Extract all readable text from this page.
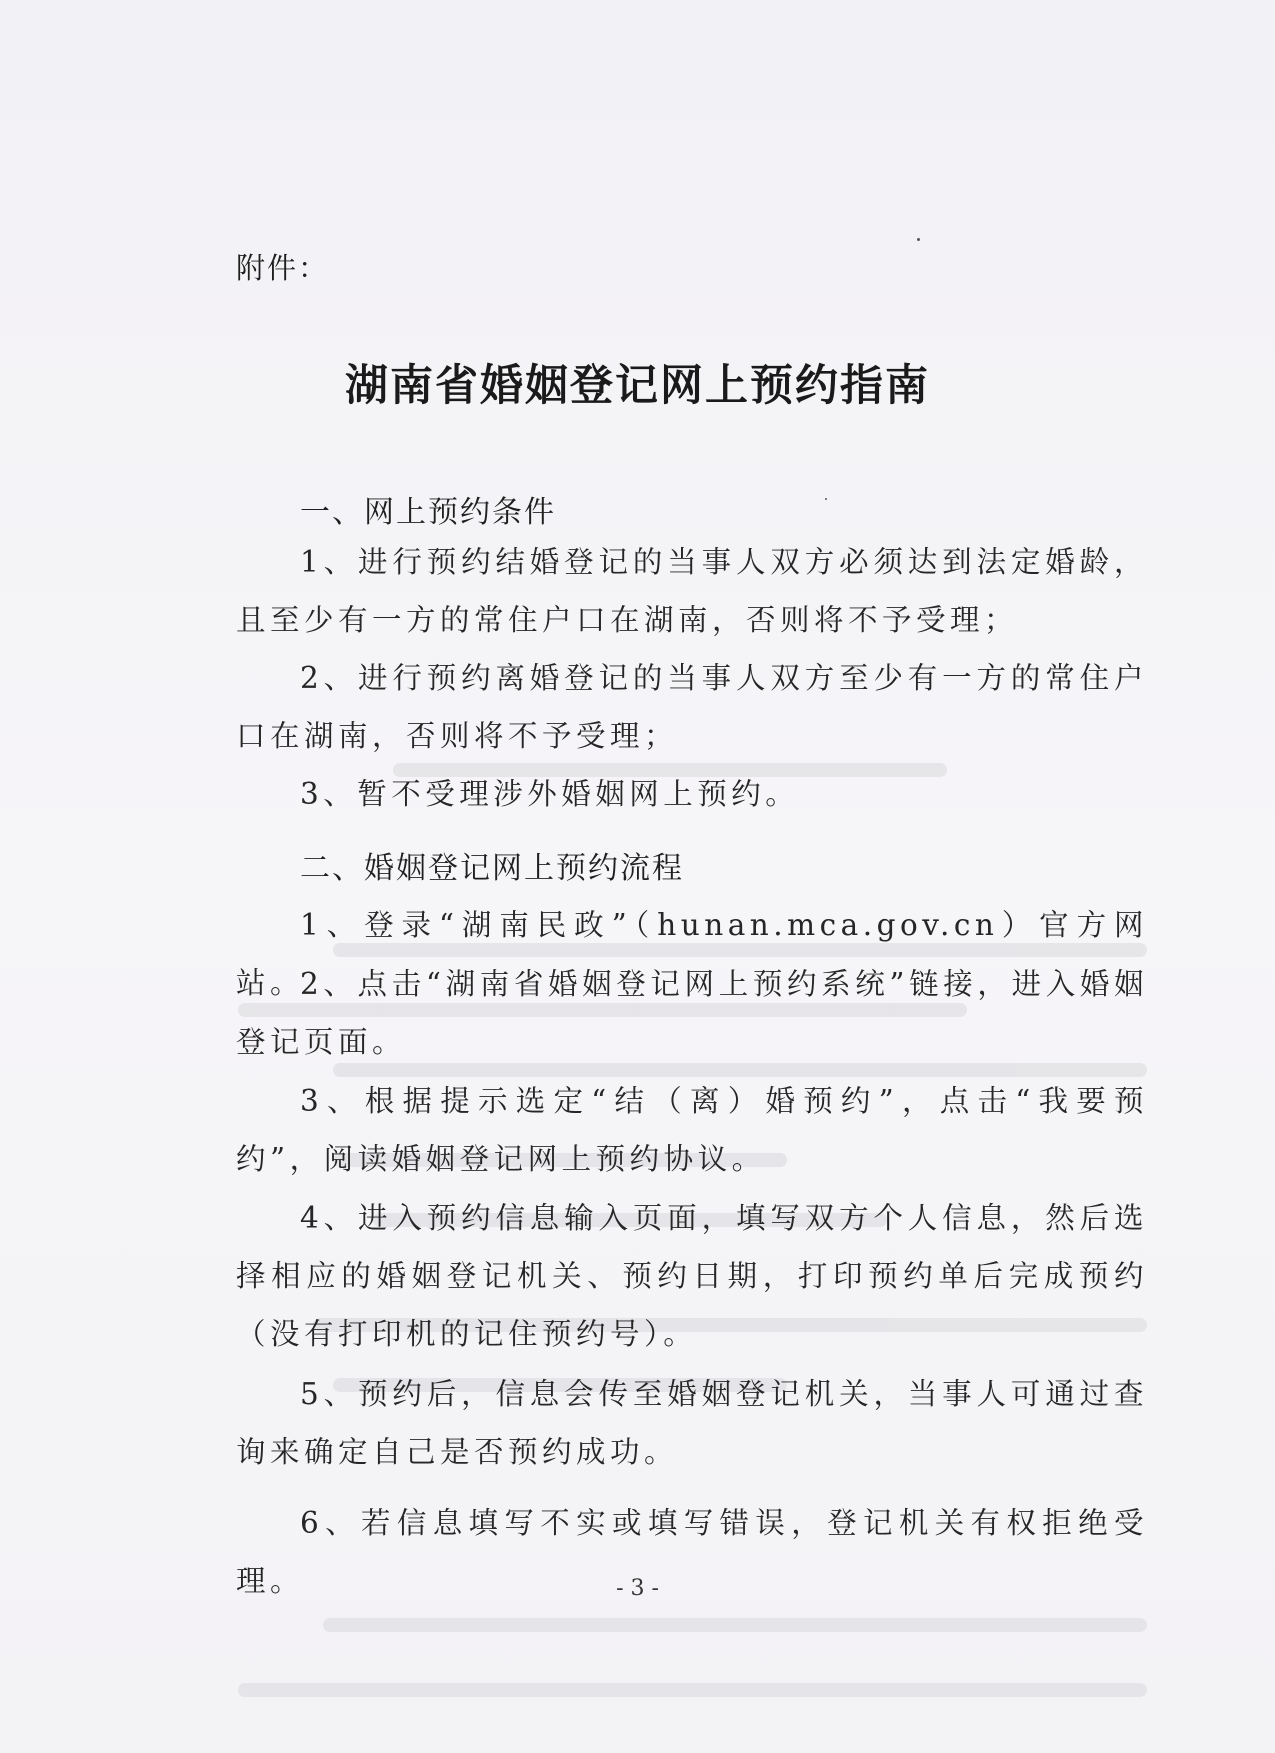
附件：
湖南省婚姻登记网上预约指南
一、网上预约条件
1、进行预约结婚登记的当事人双方必须达到法定婚龄，且至少有一方的常住户口在湖南，否则将不予受理；
2、进行预约离婚登记的当事人双方至少有一方的常住户口在湖南，否则将不予受理；
3、暂不受理涉外婚姻网上预约。
二、婚姻登记网上预约流程
1、登录“湖南民政”（hunan.mca.gov.cn）官方网站。
2、点击“湖南省婚姻登记网上预约系统”链接，进入婚姻登记页面。
3、根据提示选定“结（离）婚预约”，点击“我要预约”，阅读婚姻登记网上预约协议。
4、进入预约信息输入页面，填写双方个人信息，然后选择相应的婚姻登记机关、预约日期，打印预约单后完成预约（没有打印机的记住预约号）。
5、预约后，信息会传至婚姻登记机关，当事人可通过查询来确定自己是否预约成功。
6、若信息填写不实或填写错误，登记机关有权拒绝受理。	- 3 -
